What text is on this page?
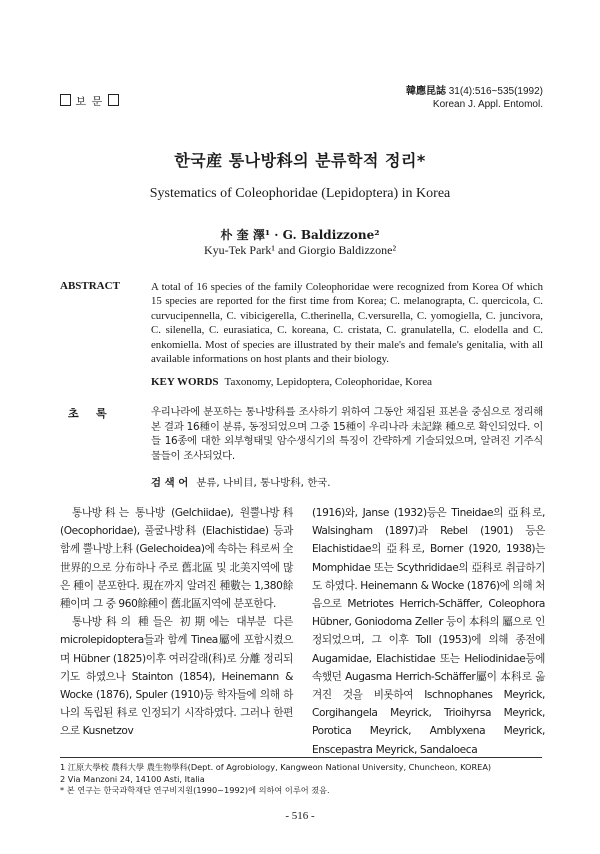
보 문
韓應昆誌 31(4):516~535(1992)
Korean J. Appl. Entomol.
한국産 통나방科의 분류학적 정리*
Systematics of Coleophoridae (Lepidoptera) in Korea
朴 奎 澤¹ · G. Baldizzone²
Kyu-Tek Park¹ and Giorgio Baldizzone²
ABSTRACT	A total of 16 species of the family Coleophoridae were recognized from Korea Of which 15 species are reported for the first time from Korea; C. melanograpta, C. quercicola, C. curvucipennella, C. vibicigerella, C.therinella, C.versurella, C. yomogiella, C. juncivora, C. silenella, C. eurasiatica, C. koreana, C. cristata, C. granulatella, C. elodella and C. enkomiella. Most of species are illustrated by their male's and female's genitalia, with all available informations on host plants and their biology.
KEY WORDS Taxonomy, Lepidoptera, Coleophoridae, Korea
초 록	우리나라에 분포하는 통나방科를 조사하기 위하여 그동안 채집된 표본을 중심으로 정리해본 결과 16種이 분류, 동정되었으며 그중 15種이 우리나라 未記錄 種으로 확인되었다. 이들 16종에 대한 외부형태및 암수생식기의 특징이 간략하게 기술되었으며, 알려진 기주식물들이 조사되었다.
검 색 어 분류, 나비目, 통나방科, 한국.

통나방科는 통나방 (Gelchiidae), 원뿔나방科 (Oecophoridae), 풀굴나방科 (Elachistidae) 등과 함께 뿔나방上科 (Gelechoidea)에 속하는 科로써 全世界的으로 分布하나 주로 舊北區 및 北美지역에 많은 種이 분포한다. 現在까지 알려진 種數는 1,380餘種이며 그 중 960餘種이 舊北區지역에 분포한다.

통나방科의 種들은 初期에는 대부분 다른 microlepidoptera들과 함께 Tinea屬에 포함시켰으며 Hübner (1825)이후 여러갈래(科)로 分離 정리되기도 하였으나 Stainton (1854), Heinemann & Wocke (1876), Spuler (1910)등 학자들에 의해 하나의 독립된 科로 인정되기 시작하였다. 그러나 한편으로 Kusnetzov

(1916)와, Janse (1932)등은 Tineidae의 亞科로, Walsingham (1897)과 Rebel (1901) 등은 Elachistidae의 亞科로, Borner (1920, 1938)는 Momphidae 또는 Scythrididae의 亞科로 취급하기도 하였다. Heinemann & Wocke (1876)에 의해 처음으로 Metriotes Herrich-Schäffer, Coleophora Hübner, Goniodoma Zeller 등이 本科의 屬으로 인정되었으며, 그 이후 Toll (1953)에 의해 종전에 Augamidae, Elachistidae 또는 Heliodinidae등에 속했던 Augasma Herrich-Schäffer屬이 本科로 옮겨진 것을 비롯하여 Ischnophanes Meyrick, Corgihangela Meyrick, Trioihyrsa Meyrick, Porotica Meyrick, Amblyxena Meyrick, Enscepastra Meyrick, Sandaloeca

1 江原大學校 農科大學 農生物學科(Dept. of Agrobiology, Kangweon National University, Chuncheon, KOREA)
2 Via Manzoni 24, 14100 Asti, Italia
* 본 연구는 한국과학재단 연구비지원(1990~1992)에 의하여 이루어 졌음.
- 516 -
